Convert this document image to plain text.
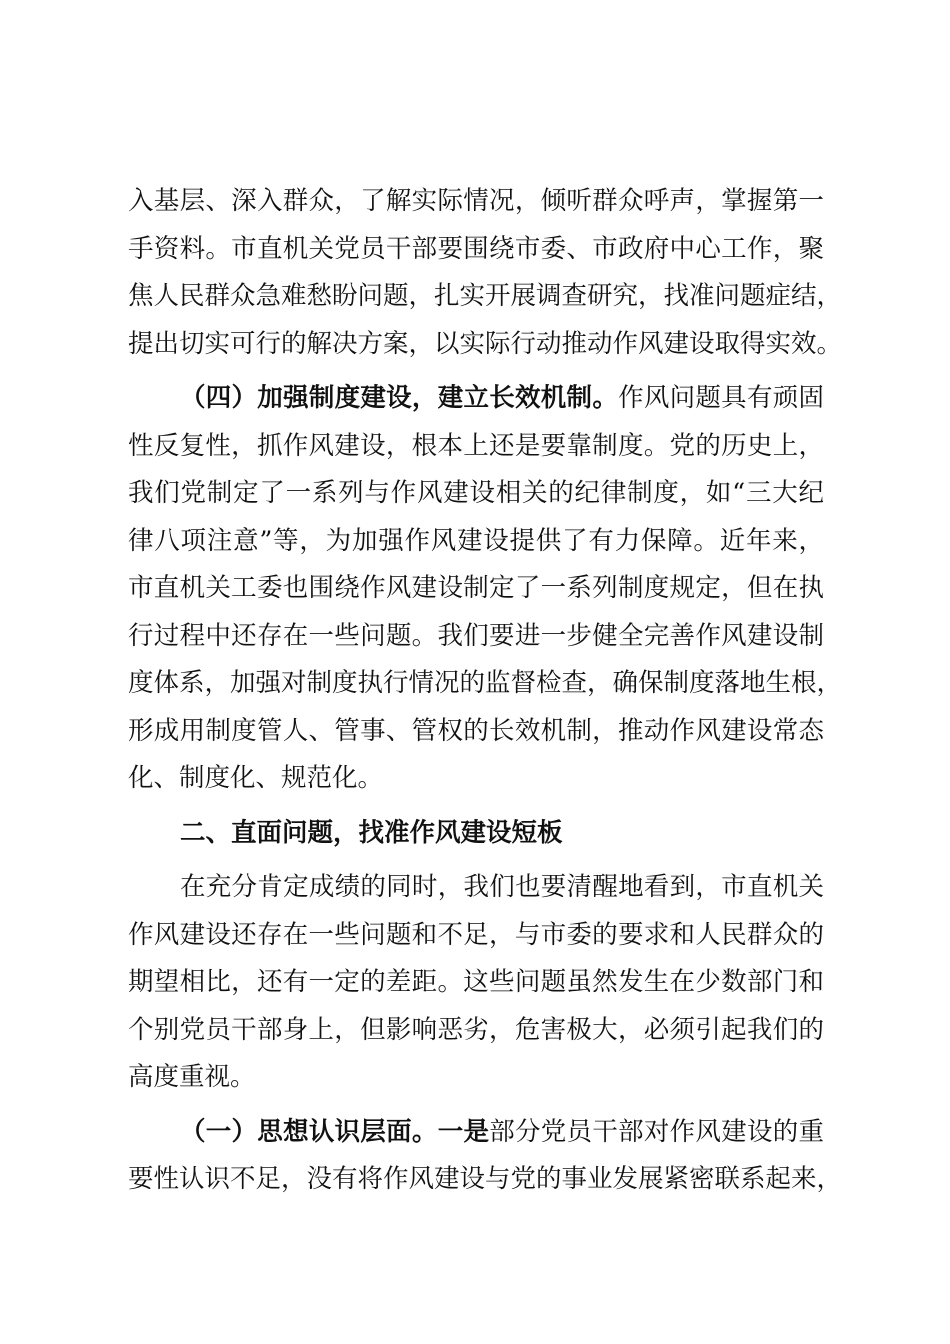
入基层、深入群众，了解实际情况，倾听群众呼声，掌握第一
手资料。市直机关党员干部要围绕市委、市政府中心工作，聚
焦人民群众急难愁盼问题，扎实开展调查研究，找准问题症结，
提出切实可行的解决方案，以实际行动推动作风建设取得实效。
（四）加强制度建设，建立长效机制。作风问题具有顽固
性反复性，抓作风建设，根本上还是要靠制度。党的历史上，
我们党制定了一系列与作风建设相关的纪律制度，如“三大纪
律八项注意”等，为加强作风建设提供了有力保障。近年来，
市直机关工委也围绕作风建设制定了一系列制度规定，但在执
行过程中还存在一些问题。我们要进一步健全完善作风建设制
度体系，加强对制度执行情况的监督检查，确保制度落地生根，
形成用制度管人、管事、管权的长效机制，推动作风建设常态
化、制度化、规范化。
二、直面问题，找准作风建设短板
在充分肯定成绩的同时，我们也要清醒地看到，市直机关
作风建设还存在一些问题和不足，与市委的要求和人民群众的
期望相比，还有一定的差距。这些问题虽然发生在少数部门和
个别党员干部身上，但影响恶劣，危害极大，必须引起我们的
高度重视。
（一）思想认识层面。一是部分党员干部对作风建设的重
要性认识不足，没有将作风建设与党的事业发展紧密联系起来，
